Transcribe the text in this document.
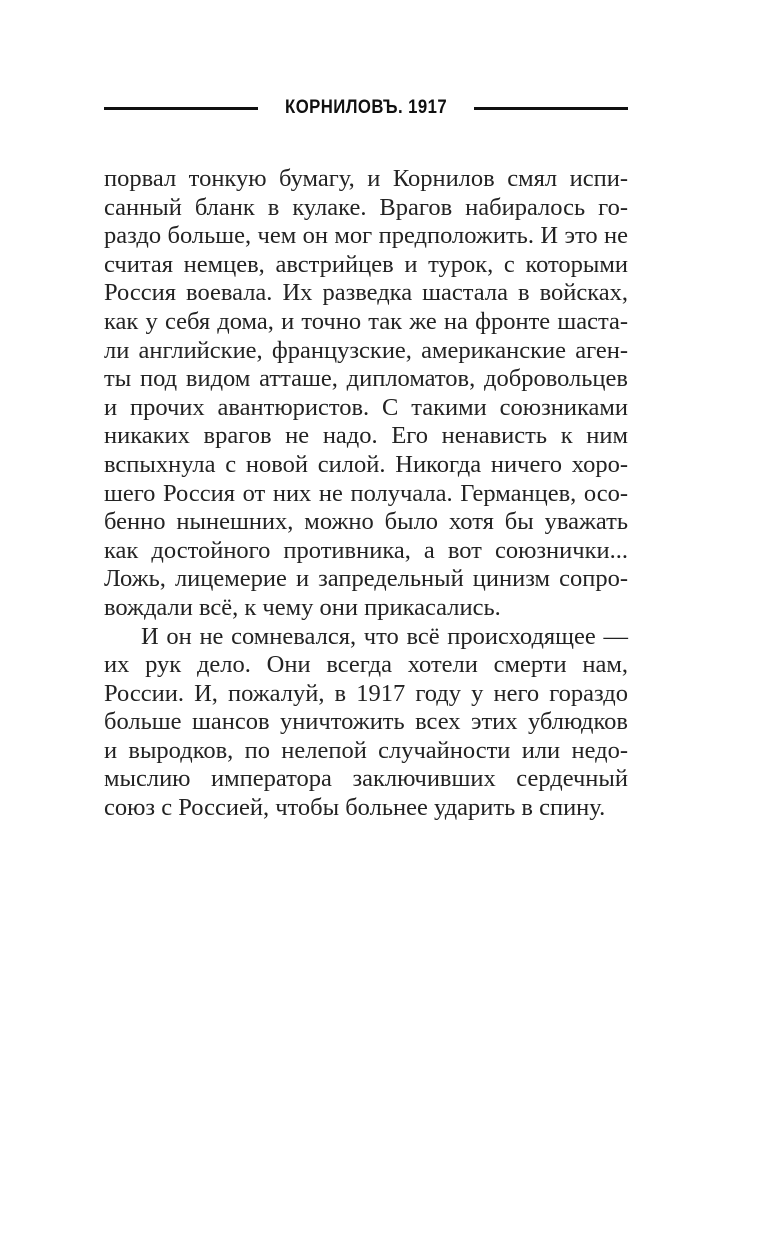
КОРНИЛОВЪ. 1917
порвал тонкую бумагу, и Корнилов смял испи-
санный бланк в кулаке. Врагов набиралось го-
раздо больше, чем он мог предположить. И это не
считая немцев, австрийцев и турок, с которыми
Россия воевала. Их разведка шастала в войсках,
как у себя дома, и точно так же на фронте шаста-
ли английские, французские, американские аген-
ты под видом атташе, дипломатов, добровольцев
и прочих авантюристов. С такими союзниками
никаких врагов не надо. Его ненависть к ним
вспыхнула с новой силой. Никогда ничего хоро-
шего Россия от них не получала. Германцев, осо-
бенно нынешних, можно было хотя бы уважать
как достойного противника, а вот союзнички...
Ложь, лицемерие и запредельный цинизм сопро-
вождали всё, к чему они прикасались.
И он не сомневался, что всё происходящее —
их рук дело. Они всегда хотели смерти нам,
России. И, пожалуй, в 1917 году у него гораздо
больше шансов уничтожить всех этих ублюдков
и выродков, по нелепой случайности или недо-
мыслию императора заключивших сердечный
союз с Россией, чтобы больнее ударить в спину.
